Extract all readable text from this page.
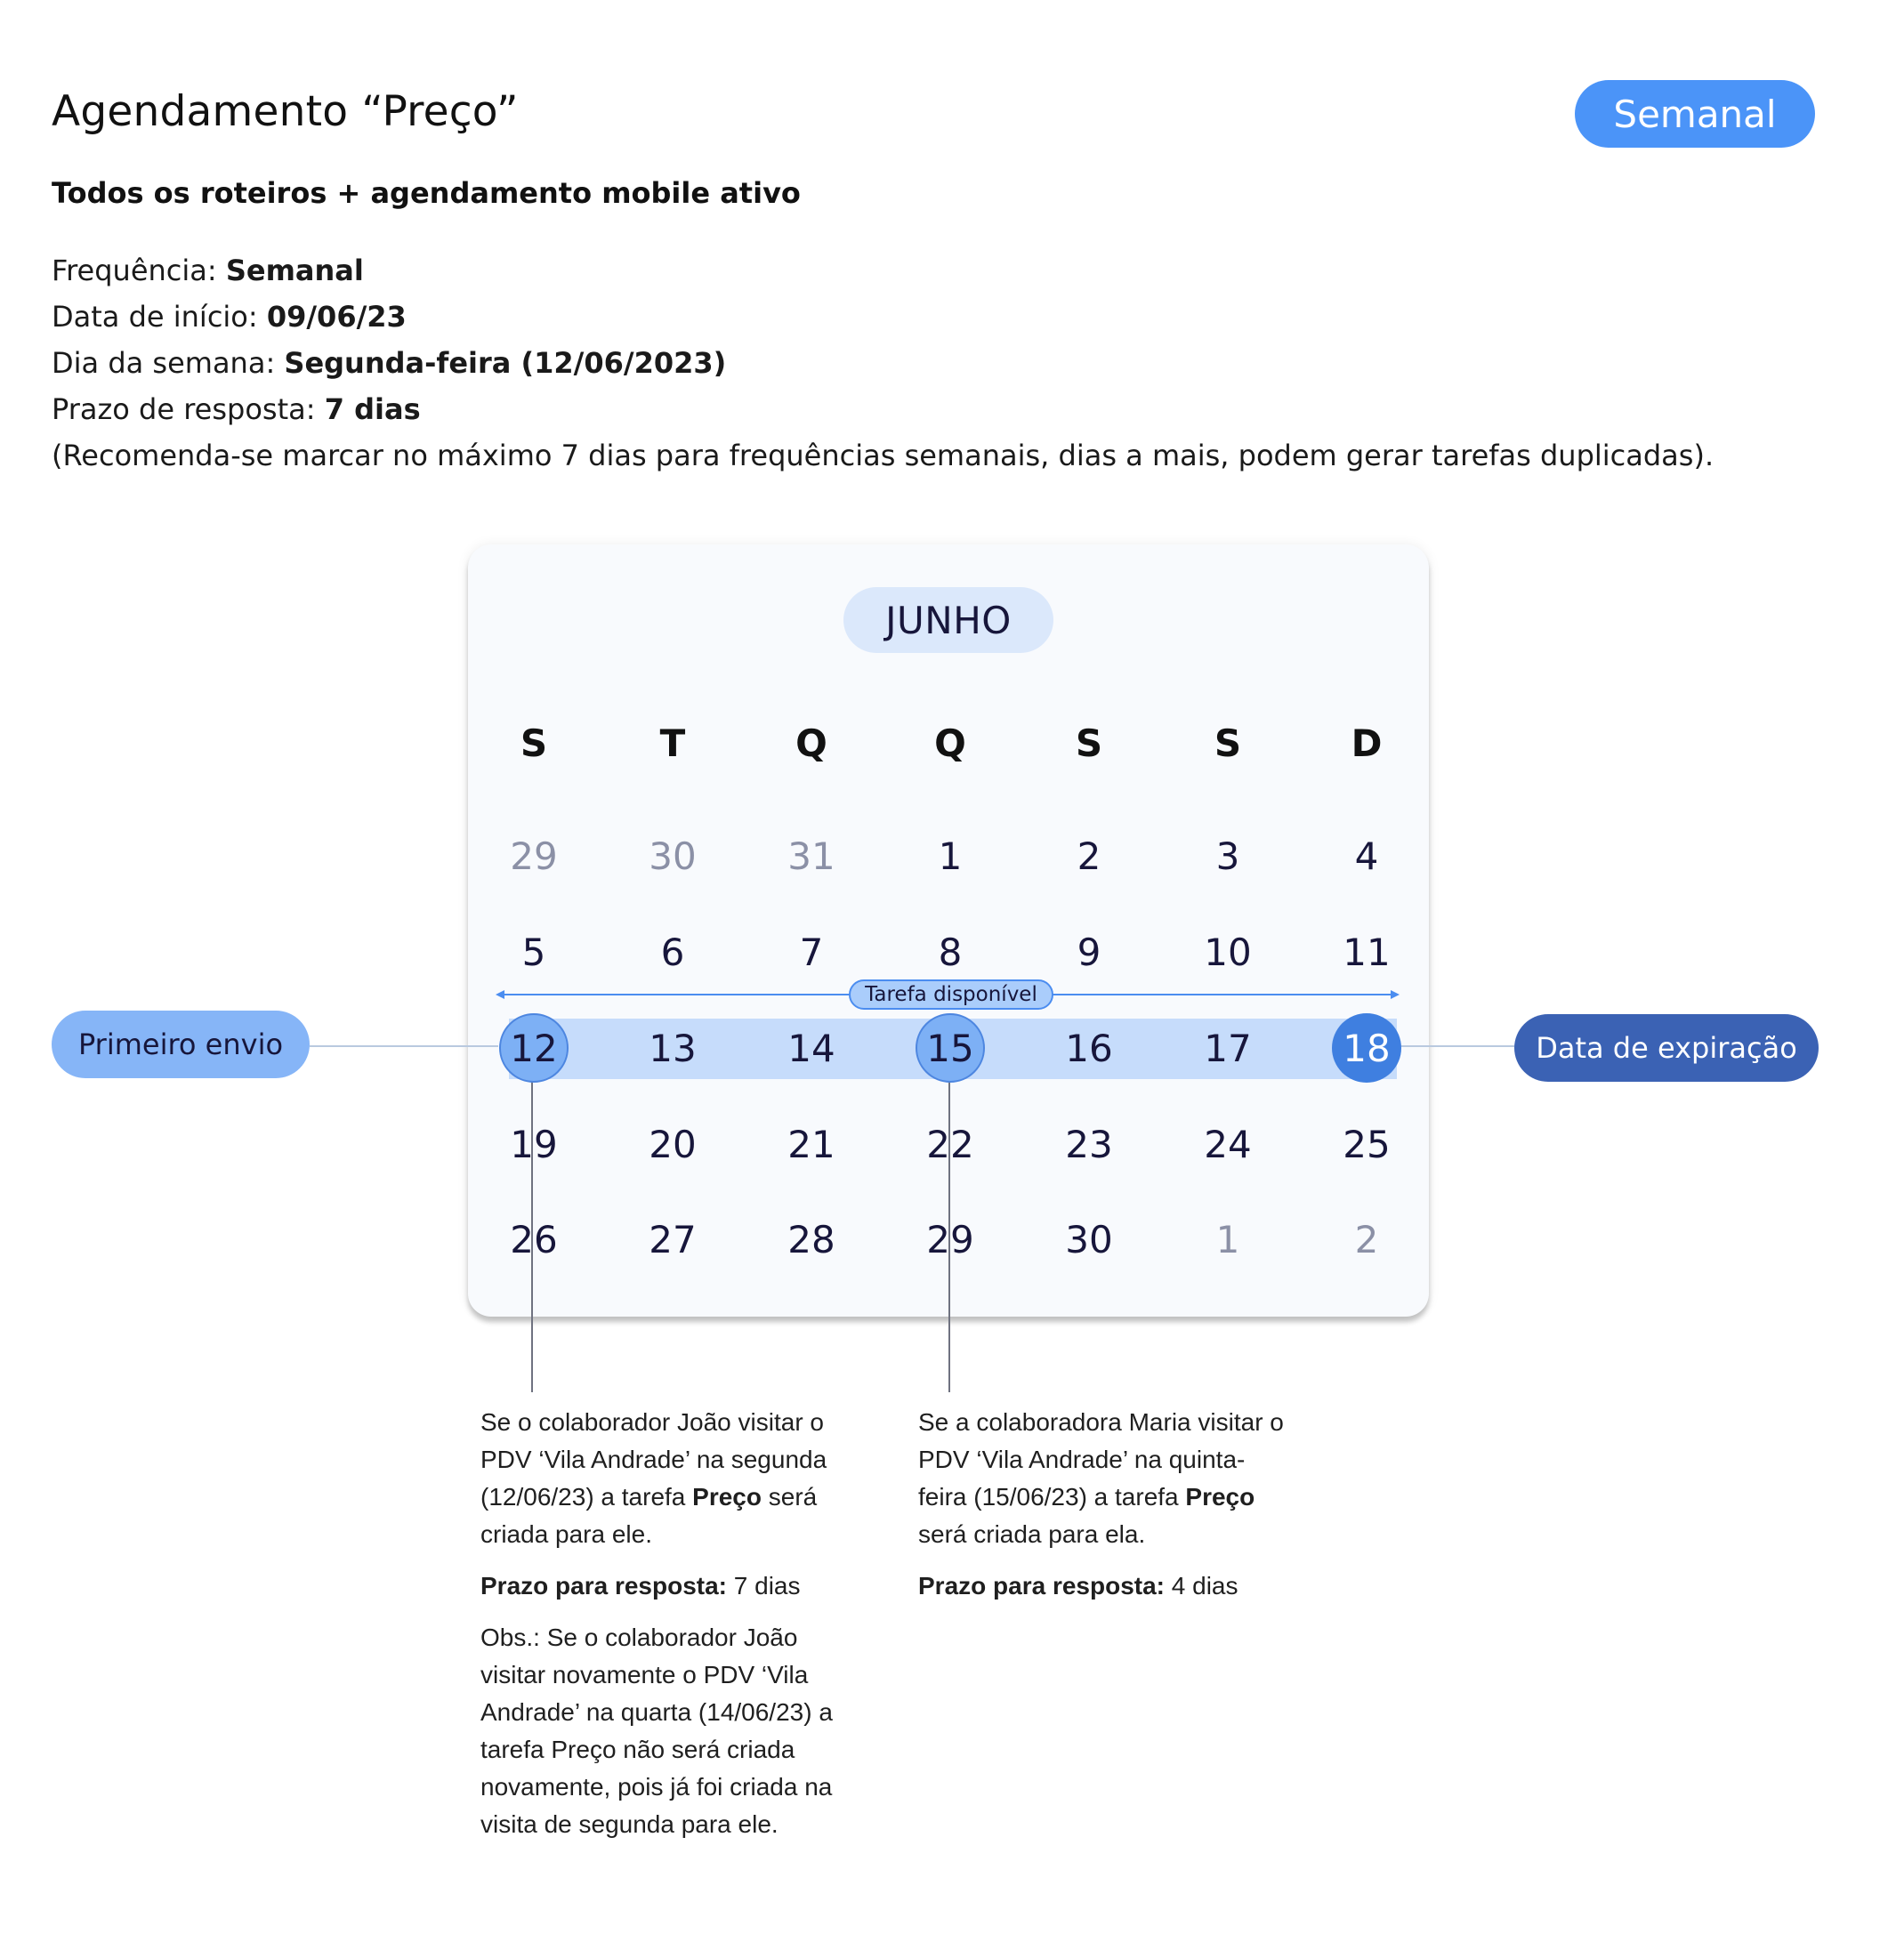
Agendamento “Preço”	Semanal
Todos os roteiros + agendamento mobile ativo
Frequência: Semanal
Data de início: 09/06/23
Dia da semana: Segunda-feira (12/06/2023)
Prazo de resposta: 7 dias
(Recomenda-se marcar no máximo 7 dias para frequências semanais, dias a mais, podem gerar tarefas duplicadas).
JUNHO
S	T	Q	Q	S	S	D
29	30	31	1	2	3	4
5	6	7	8	9	10	11
12	13	14	15	16	17	18
19	20	21	22	23	24	25
26	27	28	29	30	1	2
Tarefa disponível
Primeiro envio	Data de expiração

Se o colaborador João visitar o PDV ‘Vila Andrade’ na segunda (12/06/23) a tarefa Preço será criada para ele.

Prazo para resposta: 7 dias

Obs.: Se o colaborador João visitar novamente o PDV ‘Vila Andrade’ na quarta (14/06/23) a tarefa Preço não será criada novamente, pois já foi criada na visita de segunda para ele.

Se a colaboradora Maria visitar o PDV ‘Vila Andrade’ na quinta-feira (15/06/23) a tarefa Preço será criada para ela.

Prazo para resposta: 4 dias
